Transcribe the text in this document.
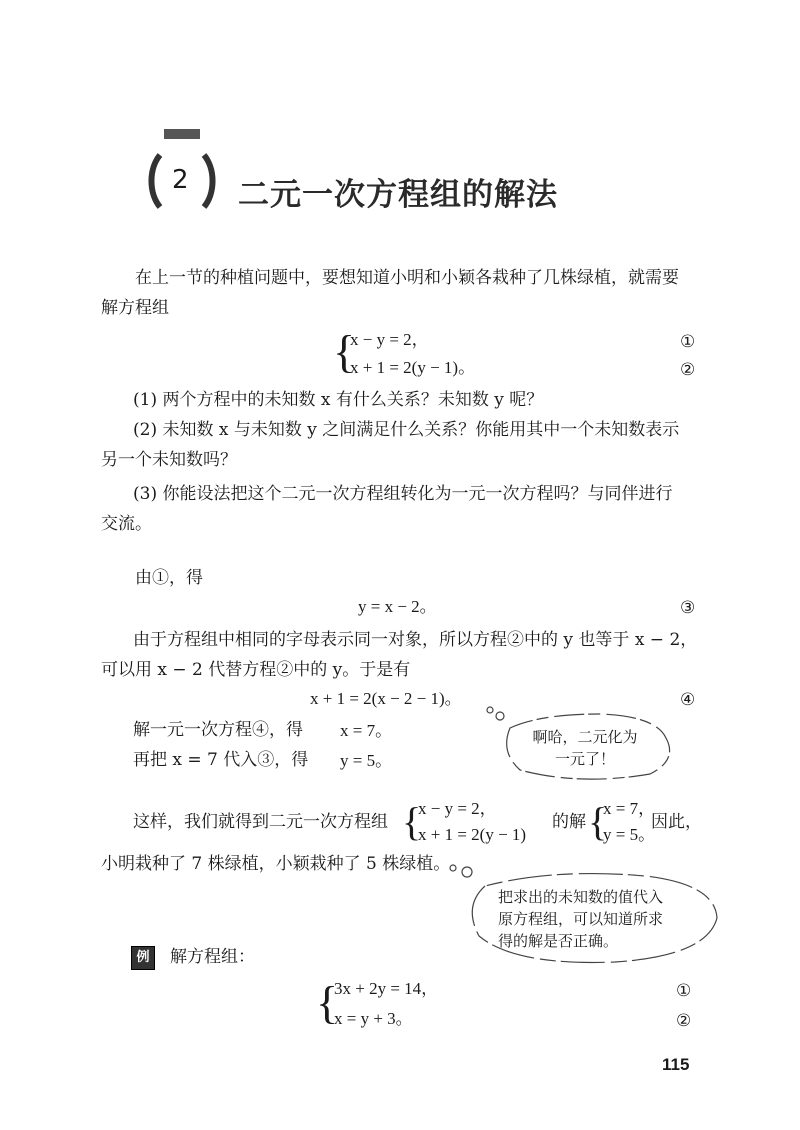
2 二元一次方程组的解法
在上一节的种植问题中，要想知道小明和小颖各栽种了几株绿植，就需要
解方程组
{
x − y = 2，
x + 1 = 2(y − 1)。
①
②
(1) 两个方程中的未知数 x 有什么关系？未知数 y 呢？
(2) 未知数 x 与未知数 y 之间满足什么关系？你能用其中一个未知数表示
另一个未知数吗？
(3) 你能设法把这个二元一次方程组转化为一元一次方程吗？与同伴进行
交流。
由①，得
y = x − 2。	③
由于方程组中相同的字母表示同一对象，所以方程②中的 y 也等于 x − 2，
可以用 x − 2 代替方程②中的 y。于是有
x + 1 = 2(x − 2 − 1)。	④
解一元一次方程④，得 x = 7。
再把 x = 7 代入③，得 y = 5。
啊哈，二元化为
一元了！
这样，我们就得到二元一次方程组 {
x − y = 2，
x + 1 = 2(y − 1)
的解 {
x = 7，
y = 5。
因此，
小明栽种了 7 株绿植，小颖栽种了 5 株绿植。
把求出的未知数的值代入
原方程组，可以知道所求
得的解是否正确。
例1
解方程组：
{
3x + 2y = 14，
x = y + 3。
①
②
115
